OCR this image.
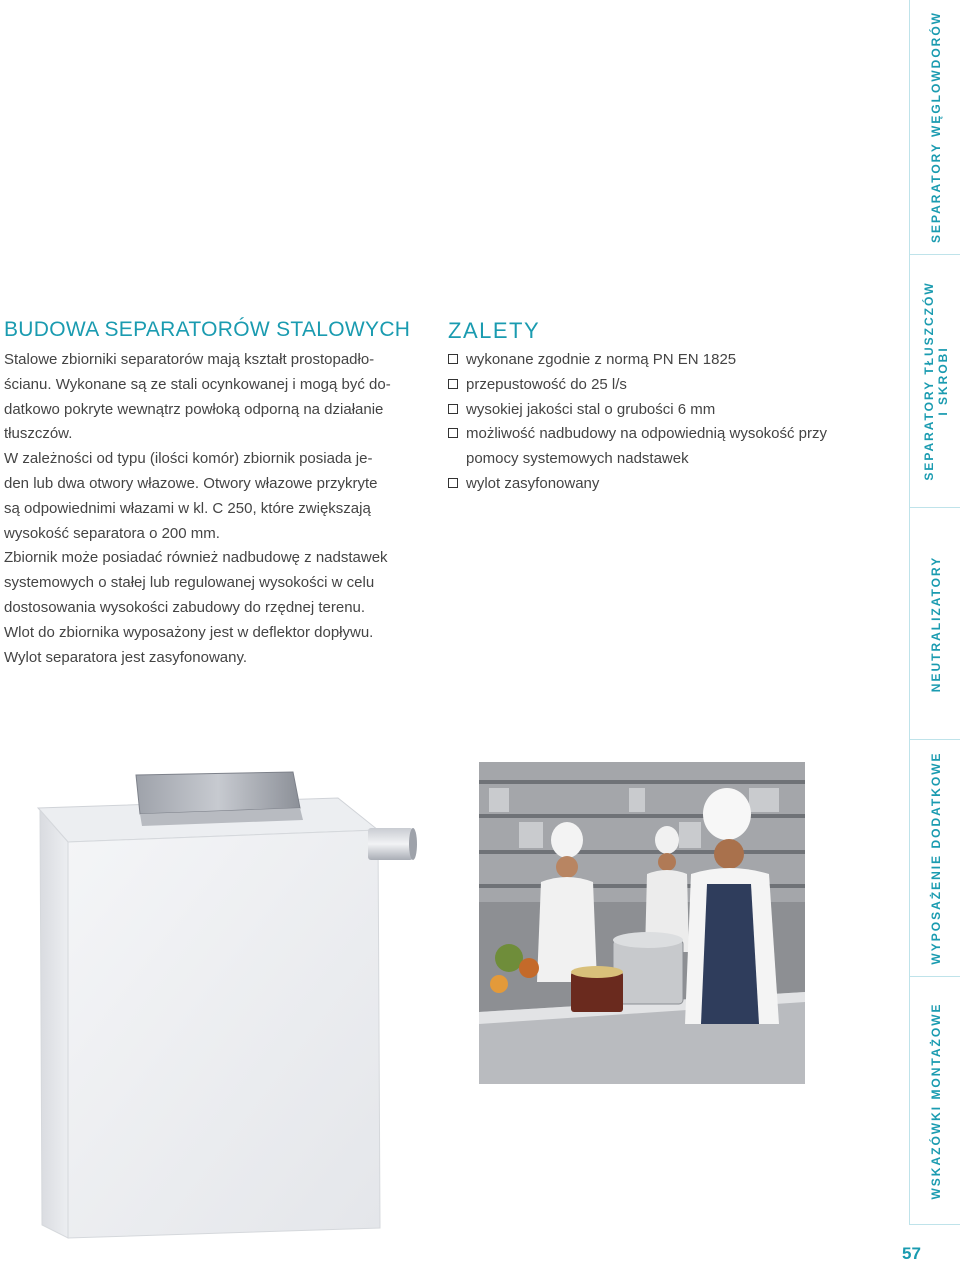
BUDOWA SEPARATORÓW STALOWYCH
Stalowe zbiorniki separatorów mają kształt prostopadło-
ścianu. Wykonane są ze stali ocynkowanej i mogą być do-
datkowo pokryte wewnątrz powłoką odporną na działanie
tłuszczów.
W zależności od typu (ilości komór) zbiornik posiada je-
den lub dwa otwory włazowe. Otwory włazowe przykryte
są odpowiednimi włazami w kl. C 250, które zwiększają
wysokość separatora o 200 mm.
Zbiornik może posiadać również nadbudowę z nadstawek
systemowych o stałej lub regulowanej wysokości w celu
dostosowania wysokości zabudowy do rzędnej terenu.
Wlot do zbiornika wyposażony jest w deflektor dopływu.
Wylot separatora jest zasyfonowany.
ZALETY
wykonane zgodnie z normą PN EN 1825
przepustowość do 25 l/s
wysokiej jakości stal o grubości 6 mm
możliwość nadbudowy na odpowiednią wysokość przy
pomocy systemowych nadstawek
wylot zasyfonowany
SEPARATORY WĘGLOWDORÓW
SEPARATORY TŁUSZCZÓW
I SKROBI
NEUTRALIZATORY
WYPOSAŻENIE DODATKOWE
WSKAZÓWKI MONTAŻOWE
57
